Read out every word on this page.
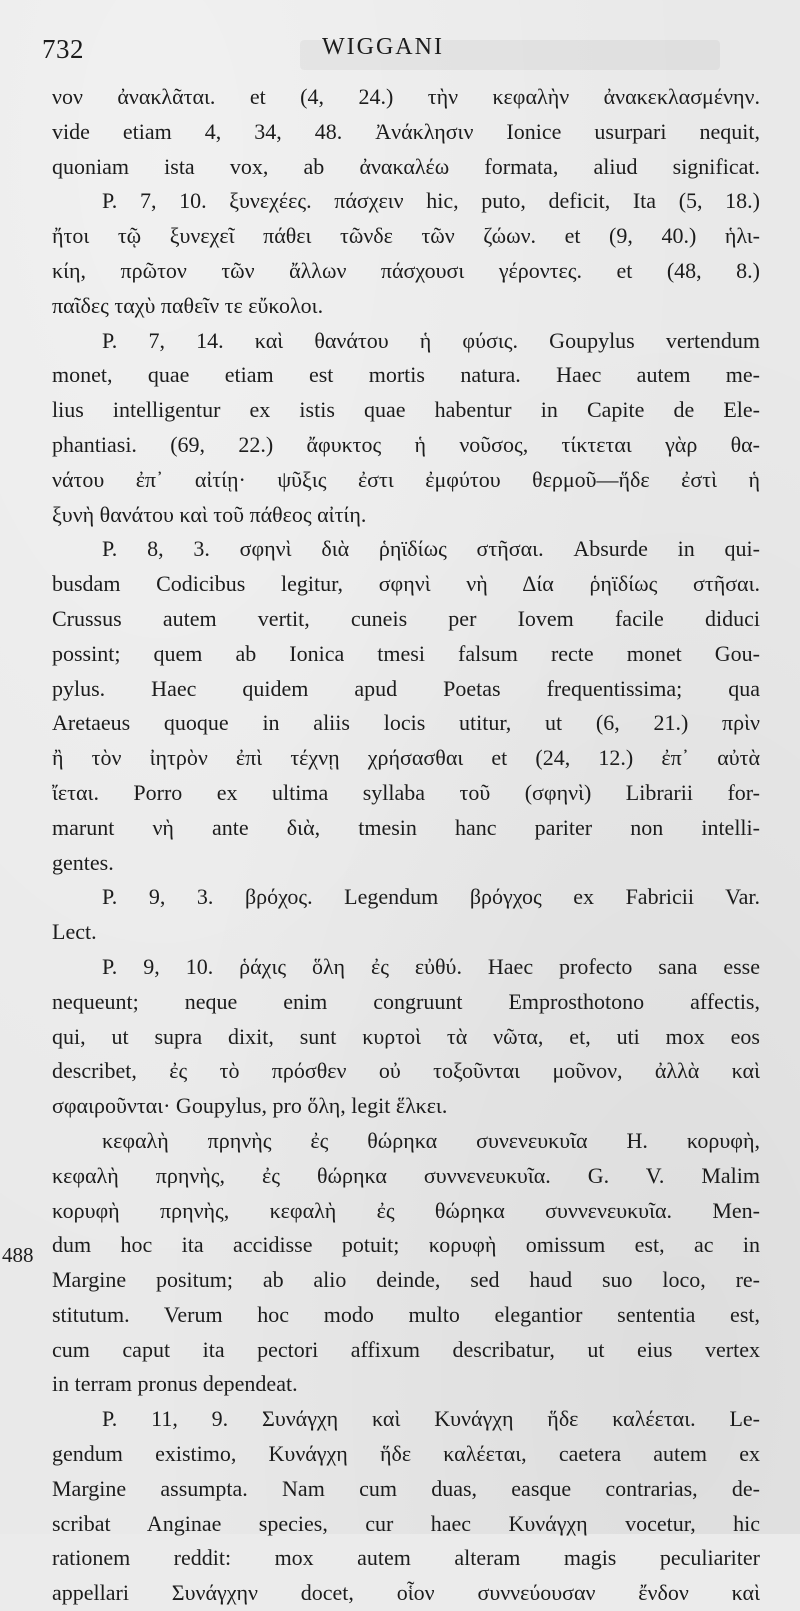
732	WIGGANI
488
νον ἀνακλᾶται. et (4, 24.) τὴν κεφαλὴν ἀνακεκλασμένην.
vide etiam 4, 34, 48. Ἀνάκλησιν Ionice usurpari nequit,
quoniam ista vox, ab ἀνακαλέω formata, aliud significat.
P. 7, 10. ξυνεχέες. πάσχειν hic, puto, deficit, Ita (5, 18.)
ἤτοι τῷ ξυνεχεῖ πάθει τῶνδε τῶν ζώων. et (9, 40.) ἡλι-
κίη, πρῶτον τῶν ἄλλων πάσχουσι γέροντες. et (48, 8.)
παῖδες ταχὺ παθεῖν τε εὔκολοι.
P. 7, 14. καὶ θανάτου ἡ φύσις. Goupylus vertendum
monet, quae etiam est mortis natura. Haec autem me-
lius intelligentur ex istis quae habentur in Capite de Ele-
phantiasi. (69, 22.) ἄφυκτος ἡ νοῦσος, τίκτεται γὰρ θα-
νάτου ἐπ᾽ αἰτίῃ· ψῦξις ἐστι ἐμφύτου θερμοῦ—ἥδε ἐστὶ ἡ
ξυνὴ θανάτου καὶ τοῦ πάθεος αἰτίη.
P. 8, 3. σφηνὶ διὰ ῥηϊδίως στῆσαι. Absurde in qui-
busdam Codicibus legitur, σφηνὶ νὴ Δία ῥηϊδίως στῆσαι.
Crussus autem vertit, cuneis per Iovem facile diduci
possint; quem ab Ionica tmesi falsum recte monet Gou-
pylus. Haec quidem apud Poetas frequentissima; qua
Aretaeus quoque in aliis locis utitur, ut (6, 21.) πρὶν
ἢ τὸν ἰητρὸν ἐπὶ τέχνῃ χρήσασθαι et (24, 12.) ἐπ᾽ αὐτὰ
ἴεται. Porro ex ultima syllaba τοῦ (σφηνὶ) Librarii for-
marunt νὴ ante διὰ, tmesin hanc pariter non intelli-
gentes.
P. 9, 3. βρόχος. Legendum βρόγχος ex Fabricii Var.
Lect.
P. 9, 10. ῥάχις ὅλη ἐς εὐθύ. Haec profecto sana esse
nequeunt; neque enim congruunt Emprosthotono affectis,
qui, ut supra dixit, sunt κυρτοὶ τὰ νῶτα, et, uti mox eos
describet, ἐς τὸ πρόσθεν οὐ τοξοῦνται μοῦνον, ἀλλὰ καὶ
σφαιροῦνται· Goupylus, pro ὅλη, legit ἕλκει.
κεφαλὴ πρηνὴς ἐς θώρηκα συνενευκυῖα H. κορυφὴ,
κεφαλὴ πρηνὴς, ἐς θώρηκα συννενευκυῖα. G. V. Malim
κορυφὴ πρηνὴς, κεφαλὴ ἐς θώρηκα συννενευκυῖα. Men-
dum hoc ita accidisse potuit; κορυφὴ omissum est, ac in
Margine positum; ab alio deinde, sed haud suo loco, re-
stitutum. Verum hoc modo multo elegantior sententia est,
cum caput ita pectori affixum describatur, ut eius vertex
in terram pronus dependeat.
P. 11, 9. Συνάγχη καὶ Κυνάγχη ἥδε καλέεται. Le-
gendum existimo, Κυνάγχη ἥδε καλέεται, caetera autem ex
Margine assumpta. Nam cum duas, easque contrarias, de-
scribat Anginae species, cur haec Κυνάγχη vocetur, hic
rationem reddit: mox autem alteram magis peculiariter
appellari Συνάγχην docet, οἷον συννεύουσαν ἔνδον καὶ
